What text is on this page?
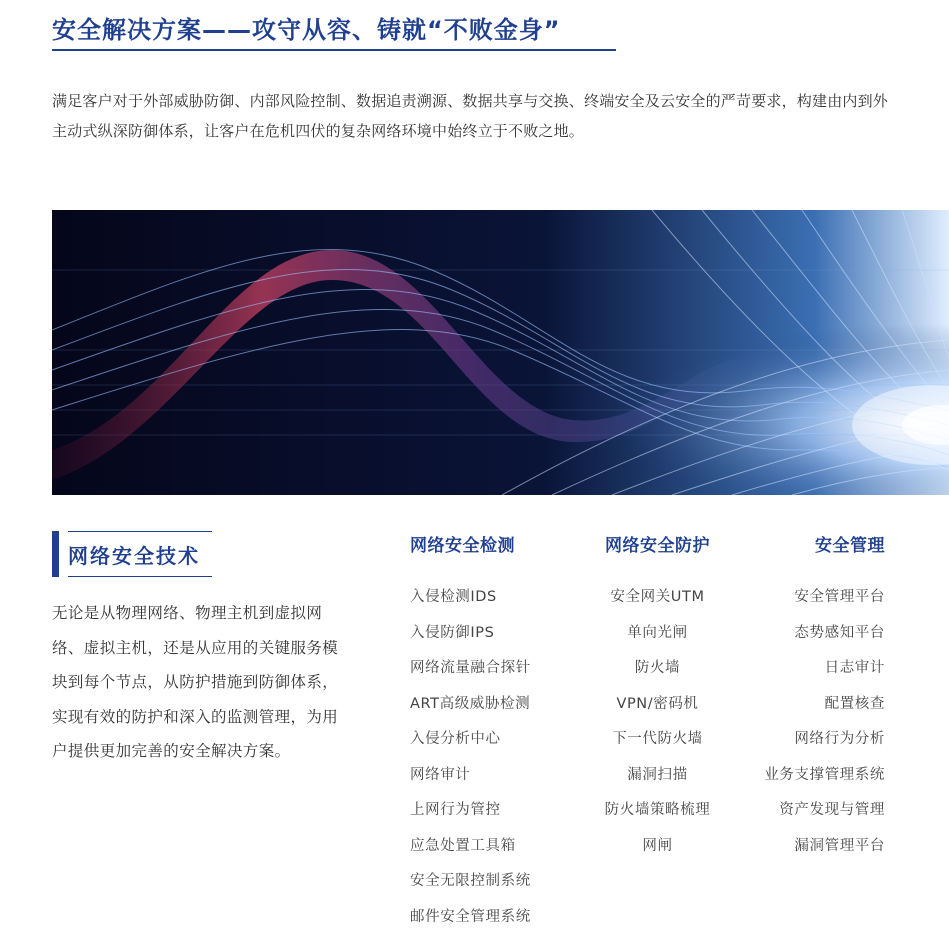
安全解决方案——攻守从容、铸就“不败金身”
满足客户对于外部威胁防御、内部风险控制、数据追责溯源、数据共享与交换、终端安全及云安全的严苛要求，构建由内到外主动式纵深防御体系，让客户在危机四伏的复杂网络环境中始终立于不败之地。
网络安全技术
无论是从物理网络、物理主机到虚拟网络、虚拟主机，还是从应用的关键服务模块到每个节点，从防护措施到防御体系，实现有效的防护和深入的监测管理，为用户提供更加完善的安全解决方案。
网络安全检测
入侵检测IDS
入侵防御IPS
网络流量融合探针
ART高级威胁检测
入侵分析中心
网络审计
上网行为管控
应急处置工具箱
安全无限控制系统
邮件安全管理系统
网络安全防护
安全网关UTM
单向光闸
防火墙
VPN/密码机
下一代防火墙
漏洞扫描
防火墙策略梳理
网闸
安全管理
安全管理平台
态势感知平台
日志审计
配置核查
网络行为分析
业务支撑管理系统
资产发现与管理
漏洞管理平台
